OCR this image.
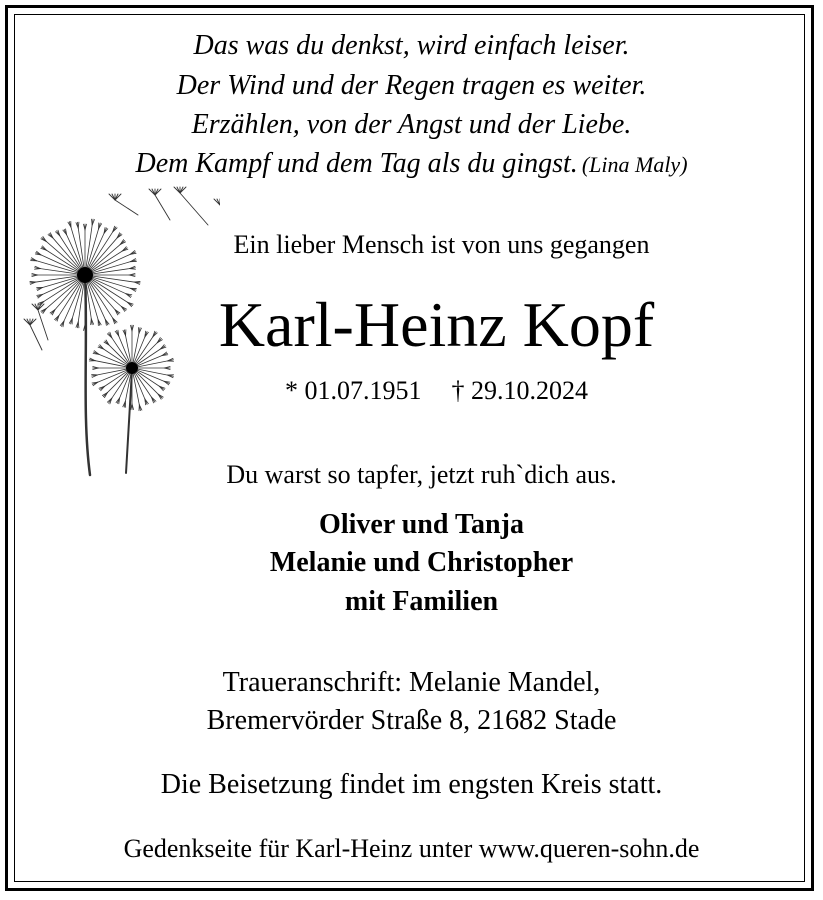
Das was du denkst, wird einfach leiser.
Der Wind und der Regen tragen es weiter.
Erzählen, von der Angst und der Liebe.
Dem Kampf und dem Tag als du gingst. (Lina Maly)
Ein lieber Mensch ist von uns gegangen
Karl-Heinz Kopf
* 01.07.1951 † 29.10.2024
Du warst so tapfer, jetzt ruh`dich aus.
Oliver und Tanja
Melanie und Christopher
mit Familien
Traueranschrift: Melanie Mandel,
Bremervörder Straße 8, 21682 Stade
Die Beisetzung findet im engsten Kreis statt.
Gedenkseite für Karl-Heinz unter www.queren-sohn.de
